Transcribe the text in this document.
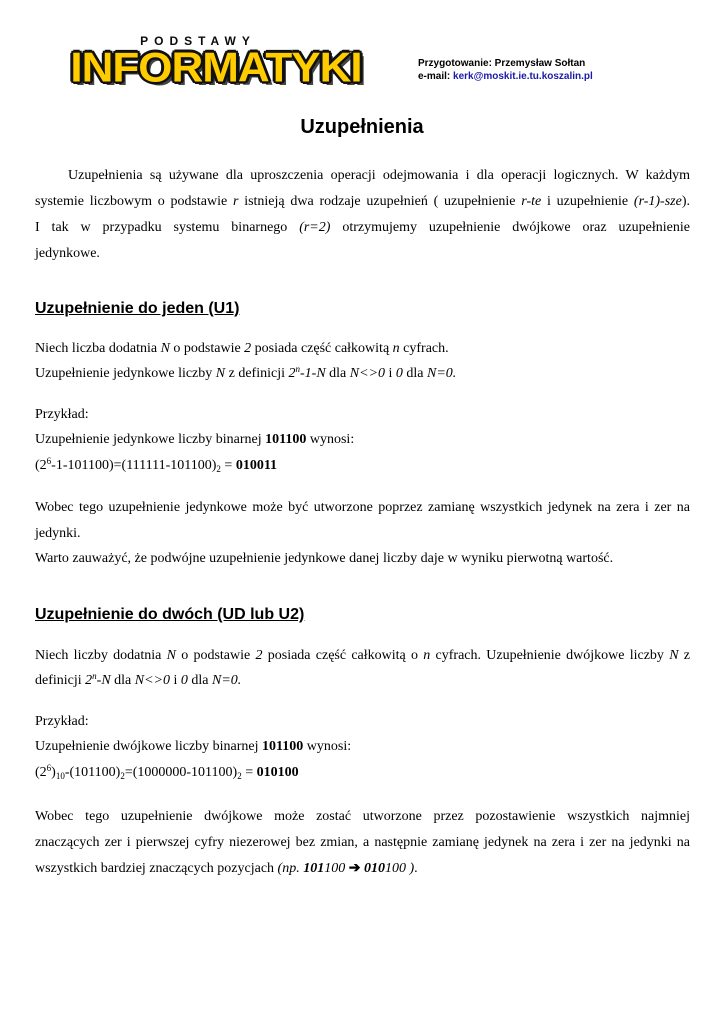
PODSTAWY
INFORMATYKI	Przygotowanie: Przemysław Sołtan
e-mail: kerk@moskit.ie.tu.koszalin.pl
Uzupełnienia
Uzupełnienia są używane dla uproszczenia operacji odejmowania i dla operacji logicznych. W każdym
systemie liczbowym o podstawie r istnieją dwa rodzaje uzupełnień ( uzupełnienie r-te i uzupełnienie (r-1)-sze).
I tak w przypadku systemu binarnego (r=2) otrzymujemy uzupełnienie dwójkowe oraz uzupełnienie
jedynkowe.
Uzupełnienie do jeden (U1)
Niech liczba dodatnia N o podstawie 2 posiada część całkowitą n cyfrach.
Uzupełnienie jedynkowe liczby N z definicji 2$^n$-1-N dla N<>0 i 0 dla N=0.
Przykład:
Uzupełnienie jedynkowe liczby binarnej 101100 wynosi:
$(2^6-1-101100)=(111111-101100)_2 = 010011$
Wobec tego uzupełnienie jedynkowe może być utworzone poprzez zamianę wszystkich jedynek na zera i zer na
jedynki.
Warto zauważyć, że podwójne uzupełnienie jedynkowe danej liczby daje w wyniku pierwotną wartość.
Uzupełnienie do dwóch (UD lub U2)
Niech liczby dodatnia N o podstawie 2 posiada część całkowitą o n cyfrach. Uzupełnienie dwójkowe liczby N z
definicji 2$^n$-N dla N<>0 i 0 dla N=0.
Przykład:
Uzupełnienie dwójkowe liczby binarnej 101100 wynosi:
$(2^6)_{10}-(101100)_2=(1000000-101100)_2 = 010100$
Wobec tego uzupełnienie dwójkowe może zostać utworzone przez pozostawienie wszystkich najmniej
znaczących zer i pierwszej cyfry niezerowej bez zmian, a następnie zamianę jedynek na zera i zer na jedynki na
wszystkich bardziej znaczących pozycjach (np. 101100 ➔ 010100 ).
